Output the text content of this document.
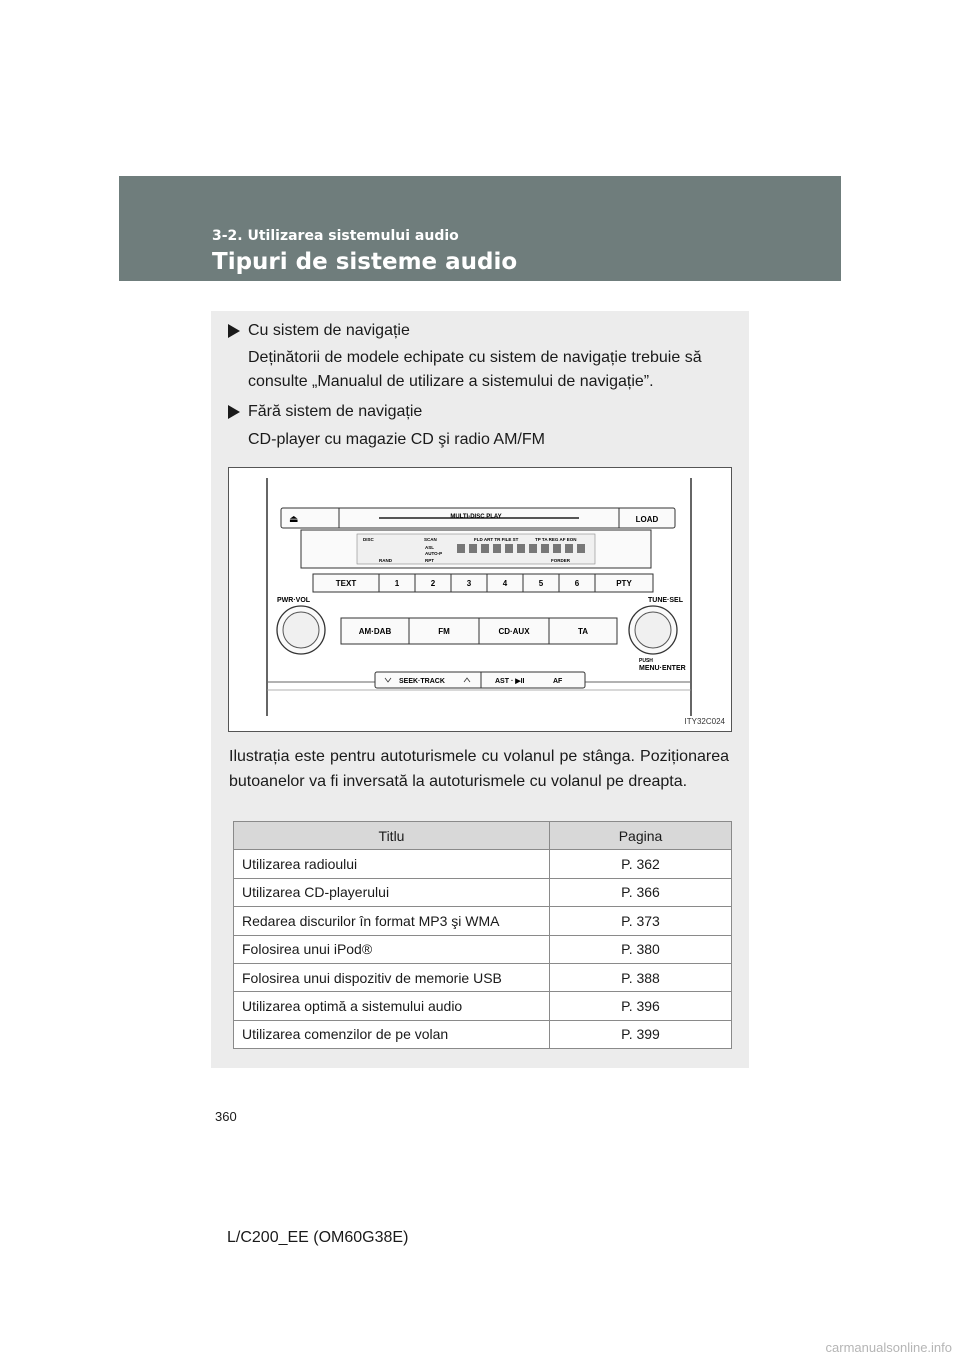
3-2. Utilizarea sistemului audio
Tipuri de sisteme audio
Cu sistem de navigație
Deținătorii de modele echipate cu sistem de navigație trebuie să consulte „Manualul de utilizare a sistemului de navigație”.
Fără sistem de navigație
CD-player cu magazie CD şi radio AM/FM
⏏	MULTI-DISC PLAY	LOAD
DISC	SCAN	FLD ART TR FILE ST	TP TA REG AF EON
ASL
AUTO-P
RAND	RPT	FORDER
TEXT	1	2	3	4	5	6	PTY
PWR·VOL	TUNE·SEL
AM·DAB	FM	CD·AUX	TA
PUSH
MENU·ENTER
SEEK·TRACK	AST · ▶II	AF
ITY32C024
Ilustrația este pentru autoturismele cu volanul pe stânga. Poziționarea butoanelor va fi inversată la autoturismele cu volanul pe dreapta.
Titlu	Pagina
Utilizarea radioului	P. 362
Utilizarea CD-playerului	P. 366
Redarea discurilor în format MP3 şi WMA	P. 373
Folosirea unui iPod®	P. 380
Folosirea unui dispozitiv de memorie USB	P. 388
Utilizarea optimă a sistemului audio	P. 396
Utilizarea comenzilor de pe volan	P. 399
360
L/C200_EE (OM60G38E)
carmanualsonline.info
